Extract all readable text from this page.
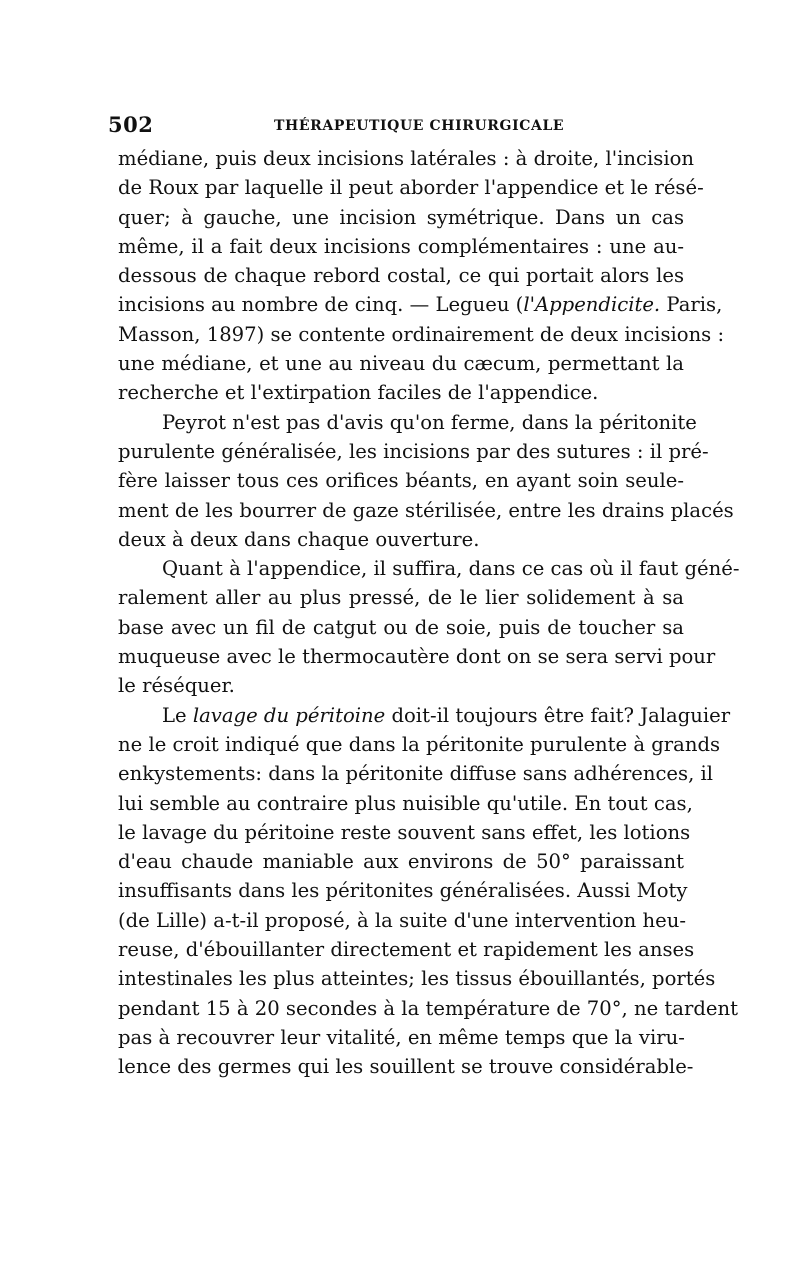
502	THÉRAPEUTIQUE CHIRURGICALE

médiane, puis deux incisions latérales : à droite, l'incision
de Roux par laquelle il peut aborder l'appendice et le résé-
quer; à gauche, une incision symétrique. Dans un cas
même, il a fait deux incisions complémentaires : une au-
dessous de chaque rebord costal, ce qui portait alors les
incisions au nombre de cinq. — Legueu (l'Appendicite. Paris,
Masson, 1897) se contente ordinairement de deux incisions :
une médiane, et une au niveau du cæcum, permettant la
recherche et l'extirpation faciles de l'appendice.

Peyrot n'est pas d'avis qu'on ferme, dans la péritonite
purulente généralisée, les incisions par des sutures : il pré-
fère laisser tous ces orifices béants, en ayant soin seule-
ment de les bourrer de gaze stérilisée, entre les drains placés
deux à deux dans chaque ouverture.

Quant à l'appendice, il suffira, dans ce cas où il faut géné-
ralement aller au plus pressé, de le lier solidement à sa
base avec un fil de catgut ou de soie, puis de toucher sa
muqueuse avec le thermocautère dont on se sera servi pour
le réséquer.

Le lavage du péritoine doit-il toujours être fait? Jalaguier
ne le croit indiqué que dans la péritonite purulente à grands
enkystements: dans la péritonite diffuse sans adhérences, il
lui semble au contraire plus nuisible qu'utile. En tout cas,
le lavage du péritoine reste souvent sans effet, les lotions
d'eau chaude maniable aux environs de 50° paraissant
insuffisants dans les péritonites généralisées. Aussi Moty
(de Lille) a-t-il proposé, à la suite d'une intervention heu-
reuse, d'ébouillanter directement et rapidement les anses
intestinales les plus atteintes; les tissus ébouillantés, portés
pendant 15 à 20 secondes à la température de 70°, ne tardent
pas à recouvrer leur vitalité, en même temps que la viru-
lence des germes qui les souillent se trouve considérable-
